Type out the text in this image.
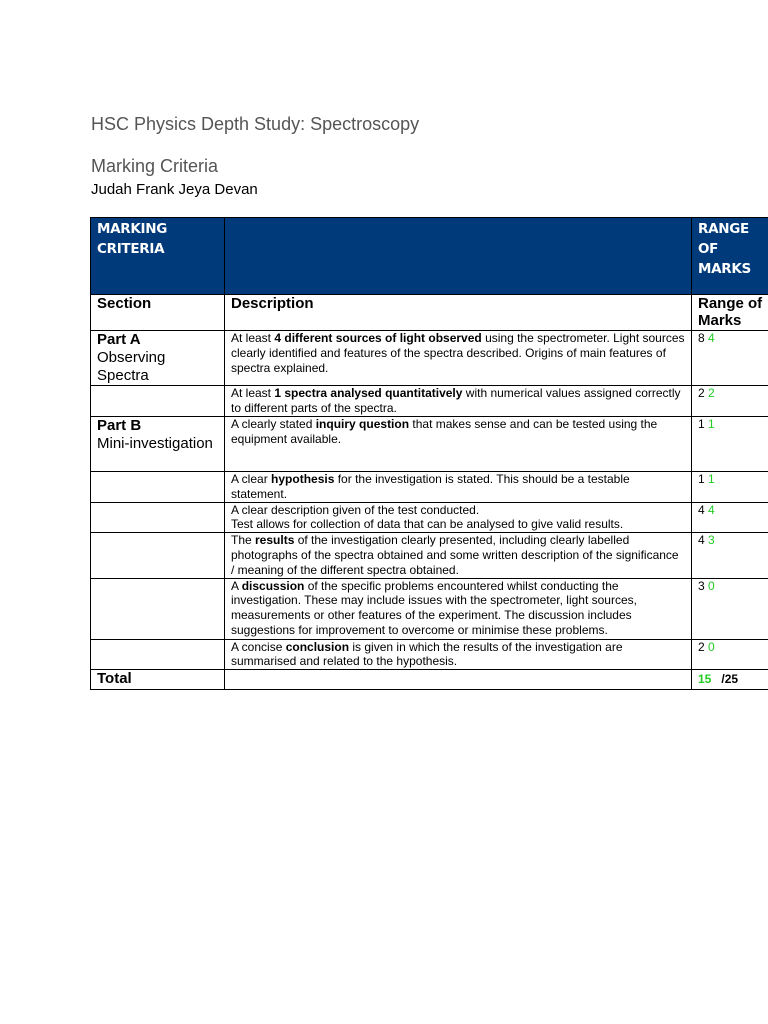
HSC Physics Depth Study: Spectroscopy
Marking Criteria
Judah Frank Jeya Devan
MARKING CRITERIA		RANGE OF MARKS
Section	Description	Range of Marks

Part A
Observing Spectra	At least 4 different sources of light observed using the spectrometer. Light sources clearly identified and features of the spectra described. Origins of main features of spectra explained.	8 4
	At least 1 spectra analysed quantitatively with numerical values assigned correctly to different parts of the spectra.	2 2

Part B
Mini-investigation	A clearly stated inquiry question that makes sense and can be tested using the equipment available.	1 1
	A clear hypothesis for the investigation is stated. This should be a testable statement.	1 1
	A clear description given of the test conducted.
Test allows for collection of data that can be analysed to give valid results.	4 4
	The results of the investigation clearly presented, including clearly labelled photographs of the spectra obtained and some written description of the significance / meaning of the different spectra obtained.	4 3
	A discussion of the specific problems encountered whilst conducting the investigation. These may include issues with the spectrometer, light sources, measurements or other features of the experiment. The discussion includes suggestions for improvement to overcome or minimise these problems.	3 0
	A concise conclusion is given in which the results of the investigation are summarised and related to the hypothesis.	2 0
Total		15 /25
